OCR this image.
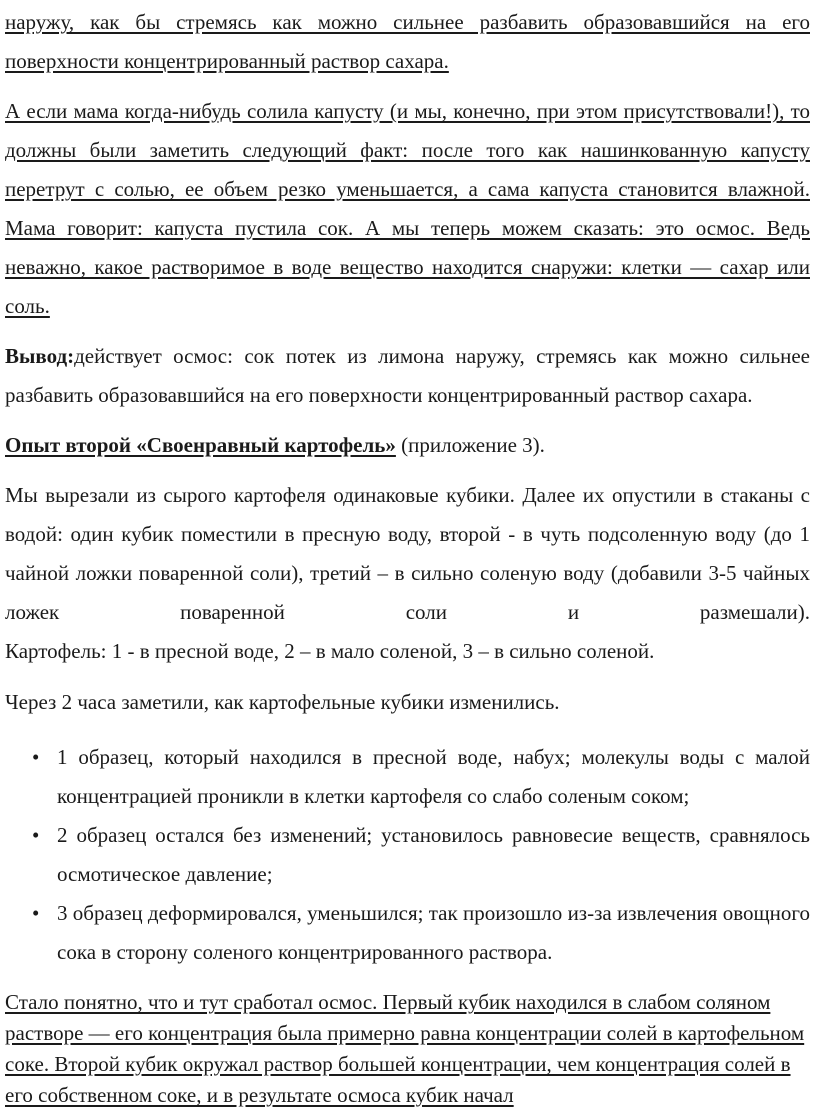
наружу, как бы стремясь как можно сильнее разбавить образовавшийся на его поверхности концентрированный раствор сахара.

А если мама когда-нибудь солила капусту (и мы, конечно, при этом присутствовали!), то должны были заметить следующий факт: после того как нашинкованную капусту перетрут с солью, ее объем резко уменьшается, а сама капуста становится влажной. Мама говорит: капуста пустила сок. А мы теперь можем сказать: это осмос. Ведь неважно, какое растворимое в воде вещество находится снаружи: клетки — сахар или соль.

Вывод:действует осмос: сок потек из лимона наружу, стремясь как можно сильнее разбавить образовавшийся на его поверхности концентрированный раствор сахара.

Опыт второй «Своенравный картофель» (приложение 3).

Мы вырезали из сырого картофеля одинаковые кубики. Далее их опустили в стаканы с водой: один кубик поместили в пресную воду, второй - в чуть подсоленную воду (до 1 чайной ложки поваренной соли), третий – в сильно соленую воду (добавили 3-5 чайных ложек поваренной соли и размешали).

Картофель: 1 - в пресной воде, 2 – в мало соленой, 3 – в сильно соленой.

Через 2 часа заметили, как картофельные кубики изменились.

• 1 образец, который находился в пресной воде, набух; молекулы воды с малой концентрацией проникли в клетки картофеля со слабо соленым соком;
• 2 образец остался без изменений; установилось равновесие веществ, сравнялось осмотическое давление;
• 3 образец деформировался, уменьшился; так произошло из-за извлечения овощного сока в сторону соленого концентрированного раствора.

Стало понятно, что и тут сработал осмос. Первый кубик находился в слабом соляном растворе — его концентрация была примерно равна концентрации солей в картофельном соке. Второй кубик окружал раствор большей концентрации, чем концентрация солей в его собственном соке, и в результате осмоса кубик начал
